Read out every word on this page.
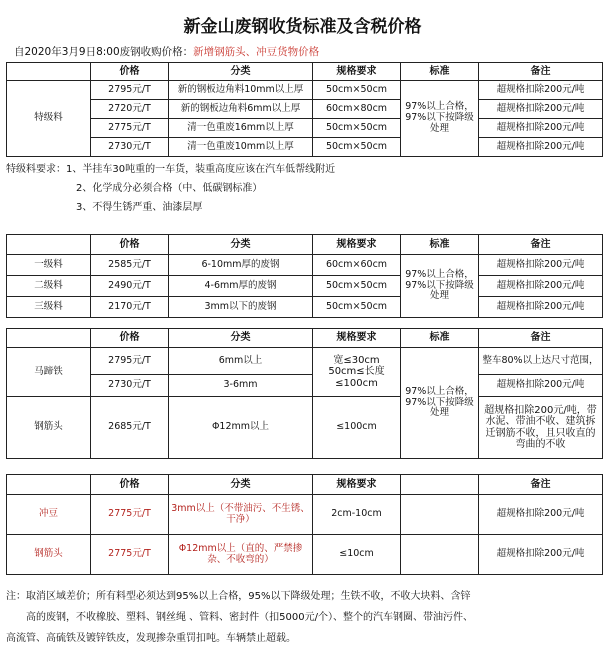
新金山废钢收货标准及含税价格
自2020年3月9日8:00废钢收购价格：新增钢筋头、冲豆货物价格
	价格	分类	规格要求	标准	备注
特级料	2795元/T	新的钢板边角料10mm以上厚	50cm×50cm	97%以上合格，97%以下按降级处理	超规格扣除200元/吨
	2720元/T	新的钢板边角料6mm以上厚	60cm×80cm		超规格扣除200元/吨
	2775元/T	清一色重废16mm以上厚	50cm×50cm		超规格扣除200元/吨
	2730元/T	清一色重废10mm以上厚	50cm×50cm		超规格扣除200元/吨
特级料要求：1、半挂车30吨重的一车货，装重高度应该在汽车低帮线附近
2、化学成分必须合格（中、低碳钢标准）
3、不得生锈严重、油漆层厚
	价格	分类	规格要求	标准	备注
一级料	2585元/T	6-10mm厚的废钢	60cm×60cm	97%以上合格，97%以下按降级处理	超规格扣除200元/吨
二级料	2490元/T	4-6mm厚的废钢	50cm×50cm		超规格扣除200元/吨
三级料	2170元/T	3mm以下的废钢	50cm×50cm		超规格扣除200元/吨
	价格	分类	规格要求	标准	备注
马蹄铁	2795元/T	6mm以上	宽≤30cm 50cm≤长度≤100cm	97%以上合格，97%以下按降级处理	整车80%以上达尺寸范围，
	2730元/T	3-6mm			超规格扣除200元/吨
钢筋头	2685元/T	Φ12mm以上	≤100cm		超规格扣除200元/吨，带水泥、带油不收、建筑拆迁钢筋不收，且只收直的弯曲的不收
	价格	分类	规格要求		备注
冲豆	2775元/T	3mm以上（不带油污、不生锈、干净）	2cm-10cm		超规格扣除200元/吨
钢筋头	2775元/T	Φ12mm以上（直的、严禁掺杂、不收弯的）	≤10cm		超规格扣除200元/吨
注：取消区域差价；所有料型必须达到95%以上合格，95%以下降级处理；生铁不收，不收大块料、含锌
高的废钢，不收橡胶、塑料、钢丝绳 、管料、密封件（扣5000元/个）、整个的汽车钢圈、带油污件、
高流管、高硫铁及镀锌铁皮，发现掺杂重罚扣吨。车辆禁止超载。
